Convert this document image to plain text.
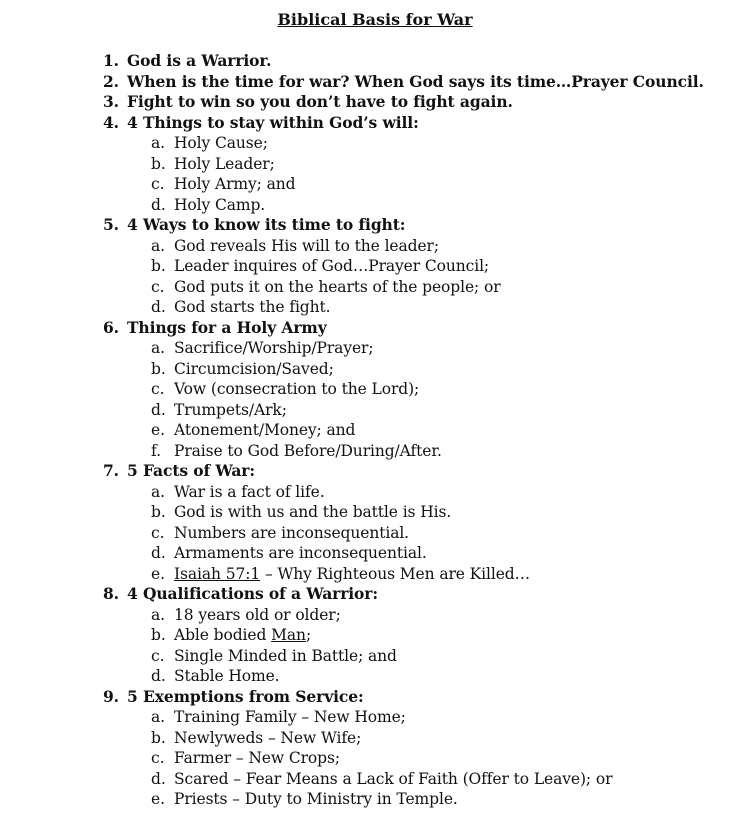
Biblical Basis for War
1. God is a Warrior.
2. When is the time for war? When God says its time…Prayer Council.
3. Fight to win so you don’t have to fight again.
4. 4 Things to stay within God’s will:
a. Holy Cause;
b. Holy Leader;
c. Holy Army; and
d. Holy Camp.
5. 4 Ways to know its time to fight:
a. God reveals His will to the leader;
b. Leader inquires of God…Prayer Council;
c. God puts it on the hearts of the people; or
d. God starts the fight.
6. Things for a Holy Army
a. Sacrifice/Worship/Prayer;
b. Circumcision/Saved;
c. Vow (consecration to the Lord);
d. Trumpets/Ark;
e. Atonement/Money; and
f. Praise to God Before/During/After.
7. 5 Facts of War:
a. War is a fact of life.
b. God is with us and the battle is His.
c. Numbers are inconsequential.
d. Armaments are inconsequential.
e. Isaiah 57:1 – Why Righteous Men are Killed…
8. 4 Qualifications of a Warrior:
a. 18 years old or older;
b. Able bodied Man;
c. Single Minded in Battle; and
d. Stable Home.
9. 5 Exemptions from Service:
a. Training Family – New Home;
b. Newlyweds – New Wife;
c. Farmer – New Crops;
d. Scared – Fear Means a Lack of Faith (Offer to Leave); or
e. Priests – Duty to Ministry in Temple.
